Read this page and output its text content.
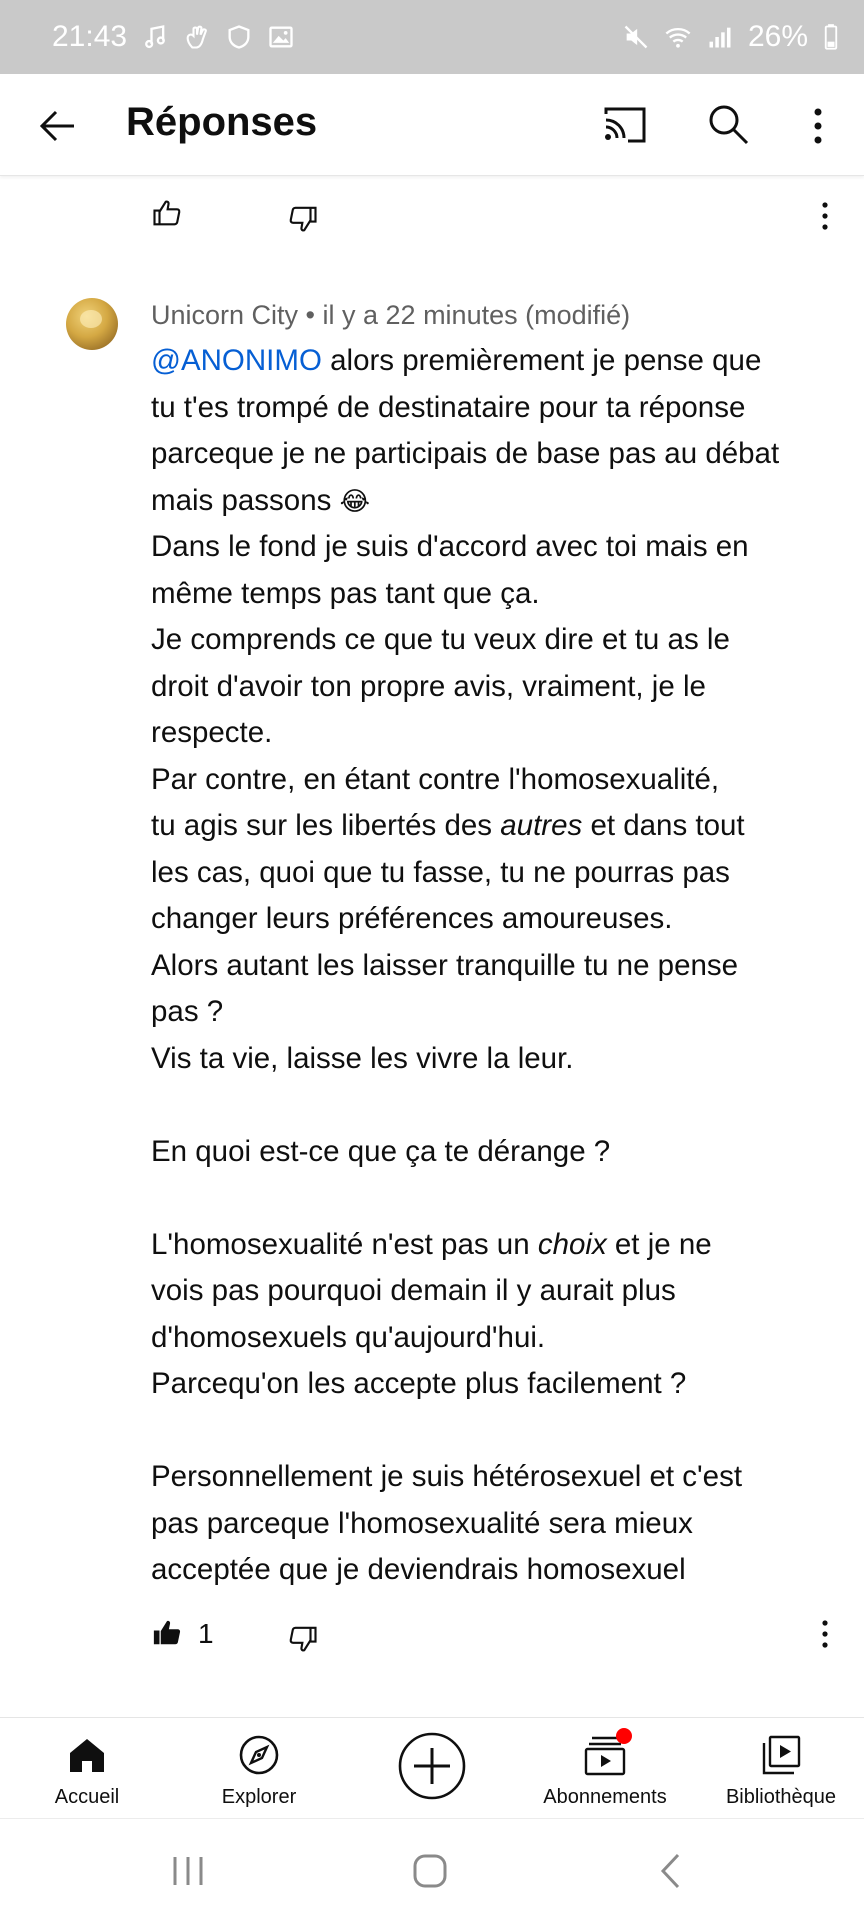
21:43	26%
Réponses
Unicorn City • il y a 22 minutes (modifié)

@ANONIMO alors premièrement je pense que

tu t'es trompé de destinataire pour ta réponse

parceque je ne participais de base pas au débat

mais passons 😂

Dans le fond je suis d'accord avec toi mais en

même temps pas tant que ça.

Je comprends ce que tu veux dire et tu as le

droit d'avoir ton propre avis, vraiment, je le

respecte.

Par contre, en étant contre l'homosexualité,

tu agis sur les libertés des autres et dans tout

les cas, quoi que tu fasse, tu ne pourras pas

changer leurs préférences amoureuses.

Alors autant les laisser tranquille tu ne pense

pas ?

Vis ta vie, laisse les vivre la leur.

En quoi est-ce que ça te dérange ?

L'homosexualité n'est pas un choix et je ne

vois pas pourquoi demain il y aurait plus

d'homosexuels qu'aujourd'hui.

Parcequ'on les accepte plus facilement ?

Personnellement je suis hétérosexuel et c'est

pas parceque l'homosexualité sera mieux

acceptée que je deviendrais homosexuel

1
Accueil	Explorer	Abonnements	Bibliothèque
